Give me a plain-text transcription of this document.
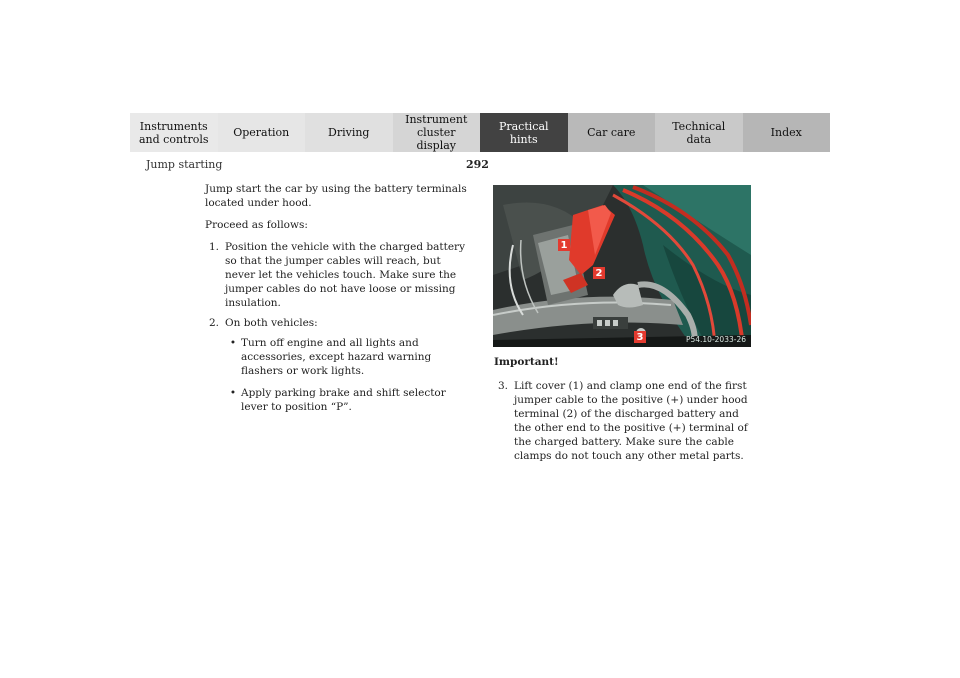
Instruments
and controls	Operation	Driving
Instrument
cluster display
Practical hints	Car care	Technical
data	Index
Jump starting	292

Jump start the car by using the battery terminals located under hood.

Proceed as follows:

1. Position the vehicle with the charged battery so that the jumper cables will reach, but never let the vehicles touch. Make sure the jumper cables do not have loose or missing insulation.
2. On both vehicles:
• Turn off engine and all lights and accessories, except hazard warning flashers or work lights.
• Apply parking brake and shift selector lever to position “P”.
1
2
3	P54.10-2033-26
Important!
3. Lift cover (1) and clamp one end of the first jumper cable to the positive (+) under hood terminal (2) of the discharged battery and the other end to the positive (+) terminal of the charged battery. Make sure the cable clamps do not touch any other metal parts.
